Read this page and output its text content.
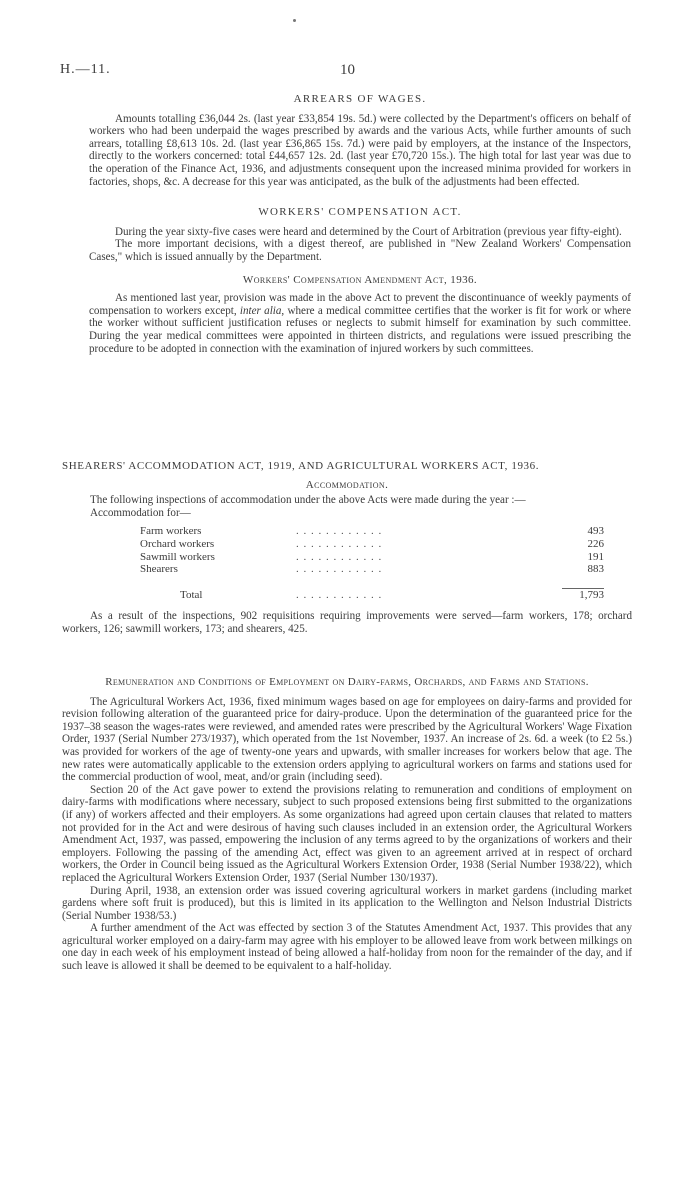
H.—11.	10
ARREARS OF WAGES.

Amounts totalling £36,044 2s. (last year £33,854 19s. 5d.) were collected by the Department's officers on behalf of workers who had been underpaid the wages prescribed by awards and the various Acts, while further amounts of such arrears, totalling £8,613 10s. 2d. (last year £36,865 15s. 7d.) were paid by employers, at the instance of the Inspectors, directly to the workers concerned: total £44,657 12s. 2d. (last year £70,720 15s.). The high total for last year was due to the operation of the Finance Act, 1936, and adjustments consequent upon the increased minima provided for workers in factories, shops, &c. A decrease for this year was anticipated, as the bulk of the adjustments had been effected.

WORKERS' COMPENSATION ACT.

During the year sixty-five cases were heard and determined by the Court of Arbitration (previous year fifty-eight).

The more important decisions, with a digest thereof, are published in "New Zealand Workers' Compensation Cases," which is issued annually by the Department.

Workers' Compensation Amendment Act, 1936.

As mentioned last year, provision was made in the above Act to prevent the discontinuance of weekly payments of compensation to workers except, inter alia, where a medical committee certifies that the worker is fit for work or where the worker without sufficient justification refuses or neglects to submit himself for examination by such committee. During the year medical committees were appointed in thirteen districts, and regulations were issued prescribing the procedure to be adopted in connection with the examination of injured workers by such committees.

SHEARERS' ACCOMMODATION ACT, 1919, AND AGRICULTURAL WORKERS ACT, 1936.
Accommodation.

The following inspections of accommodation under the above Acts were made during the year :—

Accommodation for—

Farm workers	. . . . . . . . . . . .	493
Orchard workers	. . . . . . . . . . . .	226
Sawmill workers	. . . . . . . . . . . .	191
Shearers	. . . . . . . . . . . .	883

Total	. . . . . . . . . . . .	1,793

As a result of the inspections, 902 requisitions requiring improvements were served—farm workers, 178; orchard workers, 126; sawmill workers, 173; and shearers, 425.

Remuneration and Conditions of Employment on Dairy-farms, Orchards, and Farms and Stations.

The Agricultural Workers Act, 1936, fixed minimum wages based on age for employees on dairy-farms and provided for revision following alteration of the guaranteed price for dairy-produce. Upon the determination of the guaranteed price for the 1937–38 season the wages-rates were reviewed, and amended rates were prescribed by the Agricultural Workers' Wage Fixation Order, 1937 (Serial Number 273/1937), which operated from the 1st November, 1937. An increase of 2s. 6d. a week (to £2 5s.) was provided for workers of the age of twenty-one years and upwards, with smaller increases for workers below that age. The new rates were automatically applicable to the extension orders applying to agricultural workers on farms and stations used for the commercial production of wool, meat, and/or grain (including seed).

Section 20 of the Act gave power to extend the provisions relating to remuneration and conditions of employment on dairy-farms with modifications where necessary, subject to such proposed extensions being first submitted to the organizations (if any) of workers affected and their employers. As some organizations had agreed upon certain clauses that related to matters not provided for in the Act and were desirous of having such clauses included in an extension order, the Agricultural Workers Amendment Act, 1937, was passed, empowering the inclusion of any terms agreed to by the organizations of workers and their employers. Following the passing of the amending Act, effect was given to an agreement arrived at in respect of orchard workers, the Order in Council being issued as the Agricultural Workers Extension Order, 1938 (Serial Number 1938/22), which replaced the Agricultural Workers Extension Order, 1937 (Serial Number 130/1937).

During April, 1938, an extension order was issued covering agricultural workers in market gardens (including market gardens where soft fruit is produced), but this is limited in its application to the Wellington and Nelson Industrial Districts (Serial Number 1938/53.)

A further amendment of the Act was effected by section 3 of the Statutes Amendment Act, 1937. This provides that any agricultural worker employed on a dairy-farm may agree with his employer to be allowed leave from work between milkings on one day in each week of his employment instead of being allowed a half-holiday from noon for the remainder of the day, and if such leave is allowed it shall be deemed to be equivalent to a half-holiday.
